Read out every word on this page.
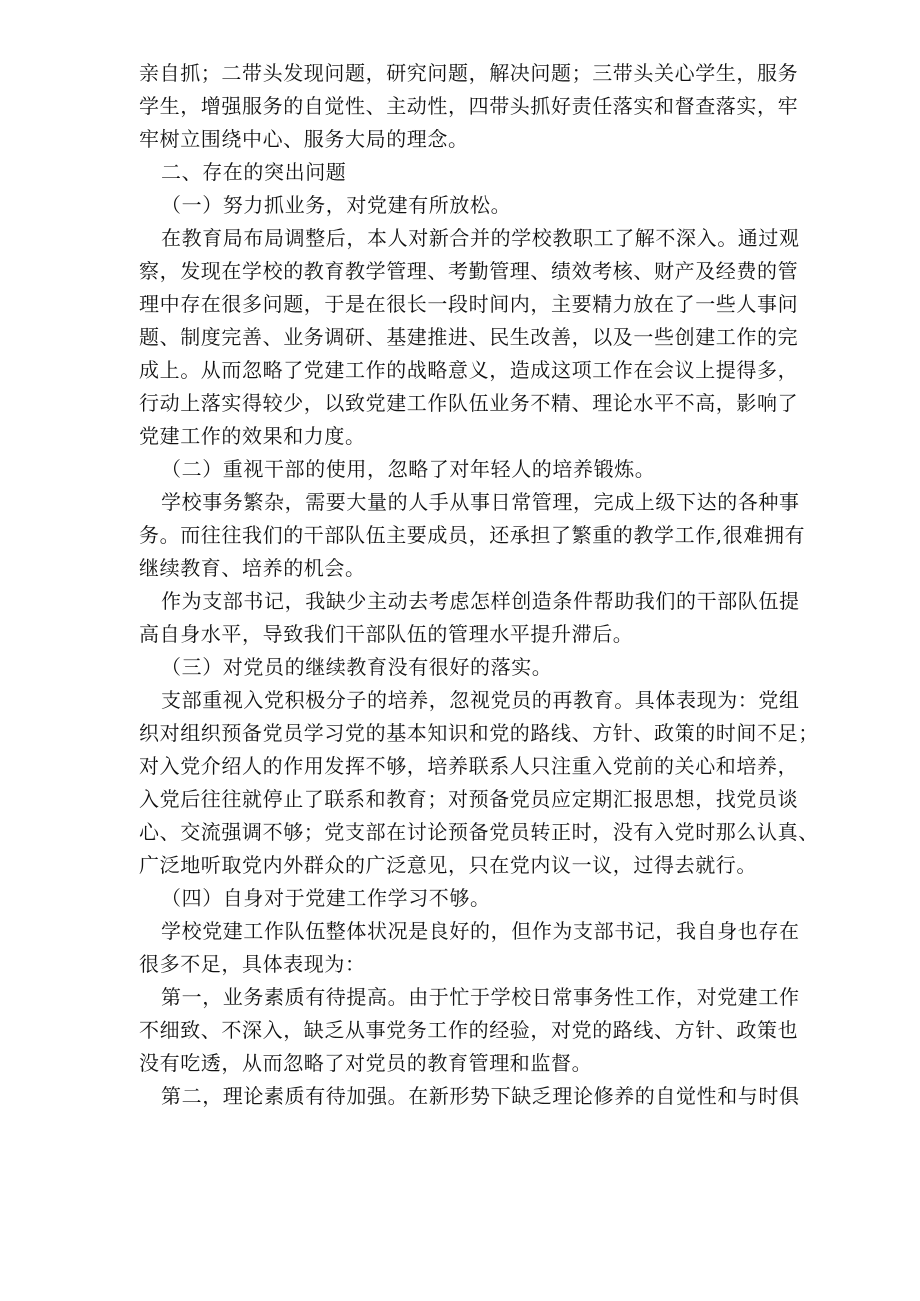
亲自抓；二带头发现问题，研究问题，解决问题；三带头关心学生，服务
学生，增强服务的自觉性、主动性，四带头抓好责任落实和督查落实，牢
牢树立围绕中心、服务大局的理念。
二、存在的突出问题
（一）努力抓业务，对党建有所放松。
在教育局布局调整后，本人对新合并的学校教职工了解不深入。通过观
察，发现在学校的教育教学管理、考勤管理、绩效考核、财产及经费的管
理中存在很多问题，于是在很长一段时间内，主要精力放在了一些人事问
题、制度完善、业务调研、基建推进、民生改善，以及一些创建工作的完
成上。从而忽略了党建工作的战略意义，造成这项工作在会议上提得多，
行动上落实得较少，以致党建工作队伍业务不精、理论水平不高，影响了
党建工作的效果和力度。
（二）重视干部的使用，忽略了对年轻人的培养锻炼。
学校事务繁杂，需要大量的人手从事日常管理，完成上级下达的各种事
务。而往往我们的干部队伍主要成员，还承担了繁重的教学工作,很难拥有
继续教育、培养的机会。
作为支部书记，我缺少主动去考虑怎样创造条件帮助我们的干部队伍提
高自身水平，导致我们干部队伍的管理水平提升滞后。
（三）对党员的继续教育没有很好的落实。
支部重视入党积极分子的培养，忽视党员的再教育。具体表现为：党组
织对组织预备党员学习党的基本知识和党的路线、方针、政策的时间不足；
对入党介绍人的作用发挥不够，培养联系人只注重入党前的关心和培养，
入党后往往就停止了联系和教育；对预备党员应定期汇报思想，找党员谈
心、交流强调不够；党支部在讨论预备党员转正时，没有入党时那么认真、
广泛地听取党内外群众的广泛意见，只在党内议一议，过得去就行。
（四）自身对于党建工作学习不够。
学校党建工作队伍整体状况是良好的，但作为支部书记，我自身也存在
很多不足，具体表现为：
第一，业务素质有待提高。由于忙于学校日常事务性工作，对党建工作
不细致、不深入，缺乏从事党务工作的经验，对党的路线、方针、政策也
没有吃透，从而忽略了对党员的教育管理和监督。
第二，理论素质有待加强。在新形势下缺乏理论修养的自觉性和与时俱
